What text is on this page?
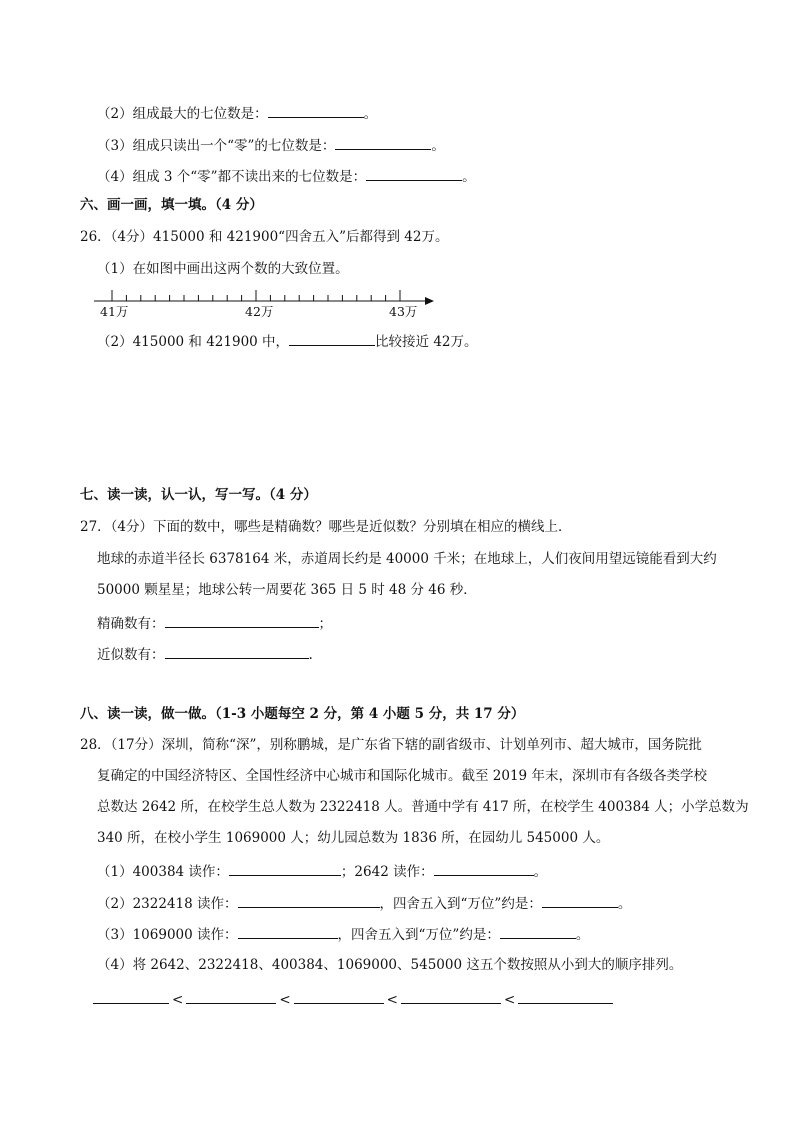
（2）组成最大的七位数是：	。
（3）组成只读出一个“零”的七位数是：	。
（4）组成 3 个“零”都不读出来的七位数是：	。
六、画一画，填一填。（4 分）
26．（4分）415000 和 421900“四舍五入”后都得到 42万。
（1）在如图中画出这两个数的大致位置。
41万	42万	43万
（2）415000 和 421900 中，	比较接近 42万。
七、读一读，认一认，写一写。（4 分）
27．（4分）下面的数中，哪些是精确数？哪些是近似数？分别填在相应的横线上．
地球的赤道半径长 6378164 米，赤道周长约是 40000 千米；在地球上，人们夜间用望远镜能看到大约
50000 颗星星；地球公转一周要花 365 日 5 时 48 分 46 秒．
精确数有：	；
近似数有：	.
八、读一读，做一做。（1-3 小题每空 2 分，第 4 小题 5 分，共 17 分）
28．（17分）深圳，简称“深”，别称鹏城，是广东省下辖的副省级市、计划单列市、超大城市，国务院批
复确定的中国经济特区、全国性经济中心城市和国际化城市。截至 2019 年末，深圳市有各级各类学校
总数达 2642 所，在校学生总人数为 2322418 人。普通中学有 417 所，在校学生 400384 人；小学总数为
340 所，在校小学生 1069000 人；幼儿园总数为 1836 所，在园幼儿 545000 人。
（1）400384 读作：	；2642 读作：	。
（2）2322418 读作：	，四舍五入到“万位”约是：	。
（3）1069000 读作：	，四舍五入到“万位”约是：	。
（4）将 2642、2322418、400384、1069000、545000 这五个数按照从小到大的顺序排列。
<	<	<	<
